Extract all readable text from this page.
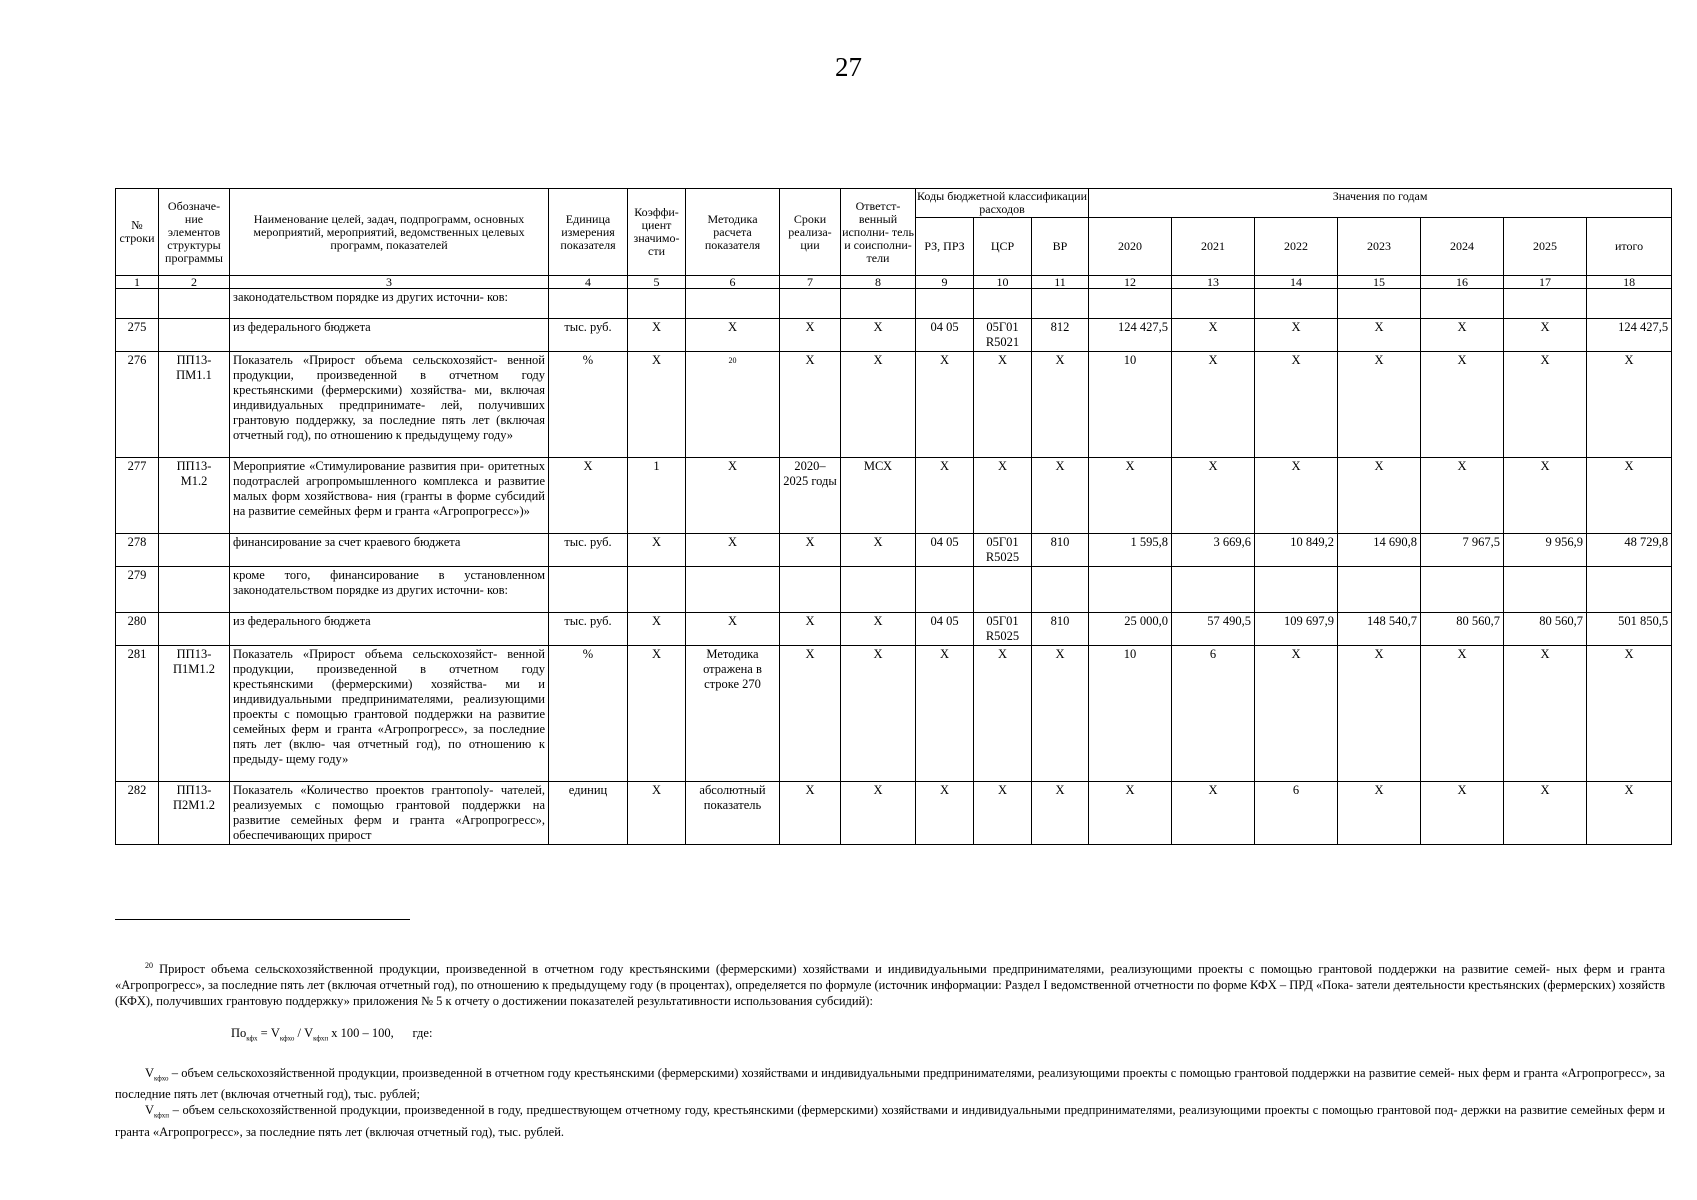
27
№ строки	Обозначе- ние элементов структуры программы	Наименование целей, задач, подпрограмм, основных мероприятий, мероприятий, ведомственных целевых программ, показателей	Единица измерения показателя	Коэффи- циент значимо- сти	Методика расчета показателя	Сроки реализа- ции	Ответст- венный исполни- тель и соисполни- тели	Коды бюджетной классификации расходов			Значения по годам						
								РЗ, ПРЗ	ЦСР	ВР	2020	2021	2022	2023	2024	2025	итого
1	2	3	4	5	6	7	8	9	10	11	12	13	14	15	16	17	18
		законодательством порядке из других источни- ков:															
275		из федерального бюджета	тыс. руб.	X	X	X	X	04 05	05Г01 R5021	812	124 427,5	X	X	X	X	X	124 427,5
276	ПП13- ПМ1.1	Показатель «Прирост объема сельскохозяйст- венной продукции, произведенной в отчетном году крестьянскими (фермерскими) хозяйства- ми, включая индивидуальных предпринимате- лей, получивших грантовую поддержку, за последние пять лет (включая отчетный год), по отношению к предыдущему году»	%	X	$^{20}$	X	X	X	X	X	10	X	X	X	X	X	X
277	ПП13- М1.2	Мероприятие «Стимулирование развития при- оритетных подотраслей агропромышленного комплекса и развитие малых форм хозяйствова- ния (гранты в форме субсидий на развитие семейных ферм и гранта «Агропрогресс»)»	X	1	X	2020– 2025 годы	МСХ	X	X	X	X	X	X	X	X	X	X
278		финансирование за счет краевого бюджета	тыс. руб.	X	X	X	X	04 05	05Г01 R5025	810	1 595,8	3 669,6	10 849,2	14 690,8	7 967,5	9 956,9	48 729,8
279		кроме того, финансирование в установленном законодательством порядке из других источни- ков:															
280		из федерального бюджета	тыс. руб.	X	X	X	X	04 05	05Г01 R5025	810	25 000,0	57 490,5	109 697,9	148 540,7	80 560,7	80 560,7	501 850,5
281	ПП13- П1М1.2	Показатель «Прирост объема сельскохозяйст- венной продукции, произведенной в отчетном году крестьянскими (фермерскими) хозяйства- ми и индивидуальными предпринимателями, реализующими проекты с помощью грантовой поддержки на развитие семейных ферм и гранта «Агропрогресс», за последние пять лет (вклю- чая отчетный год), по отношению к предыду- щему году»	%	X	Методика отражена в строке 270	X	X	X	X	X	10	6	X	X	X	X	X
282	ПП13- П2М1.2	Показатель «Количество проектов грантопolу- чателей, реализуемых с помощью грантовой поддержки на развитие семейных ферм и гранта «Агропрогресс», обеспечивающих прирост	единиц	X	абсолютный показатель	X	X	X	X	X	X	X	6	X	X	X	X

$^{20}$ Прирост объема сельскохозяйственной продукции, произведенной в отчетном году крестьянскими (фермерскими) хозяйствами и индивидуальными предпринимателями, реализующими проекты с помощью грантовой поддержки на развитие семей- ных ферм и гранта «Агропрогресс», за последние пять лет (включая отчетный год), по отношению к предыдущему году (в процентах), определяется по формуле (источник информации: Раздел I ведомственной отчетности по форме КФХ – ПРД «Пока- затели деятельности крестьянских (фермерских) хозяйств (КФХ), получивших грантовую поддержку» приложения № 5 к отчету о достижении показателей результативности использования субсидий):

$По_{кфх} = V_{кфхо} / V_{кфхп}$ х 100 – 100, где:

$V_{кфхо}$ – объем сельскохозяйственной продукции, произведенной в отчетном году крестьянскими (фермерскими) хозяйствами и индивидуальными предпринимателями, реализующими проекты с помощью грантовой поддержки на развитие семей- ных ферм и гранта «Агропрогресс», за последние пять лет (включая отчетный год), тыс. рублей;

$V_{кфхп}$ – объем сельскохозяйственной продукции, произведенной в году, предшествующем отчетному году, крестьянскими (фермерскими) хозяйствами и индивидуальными предпринимателями, реализующими проекты с помощью грантовой под- держки на развитие семейных ферм и гранта «Агропрогресс», за последние пять лет (включая отчетный год), тыс. рублей.
